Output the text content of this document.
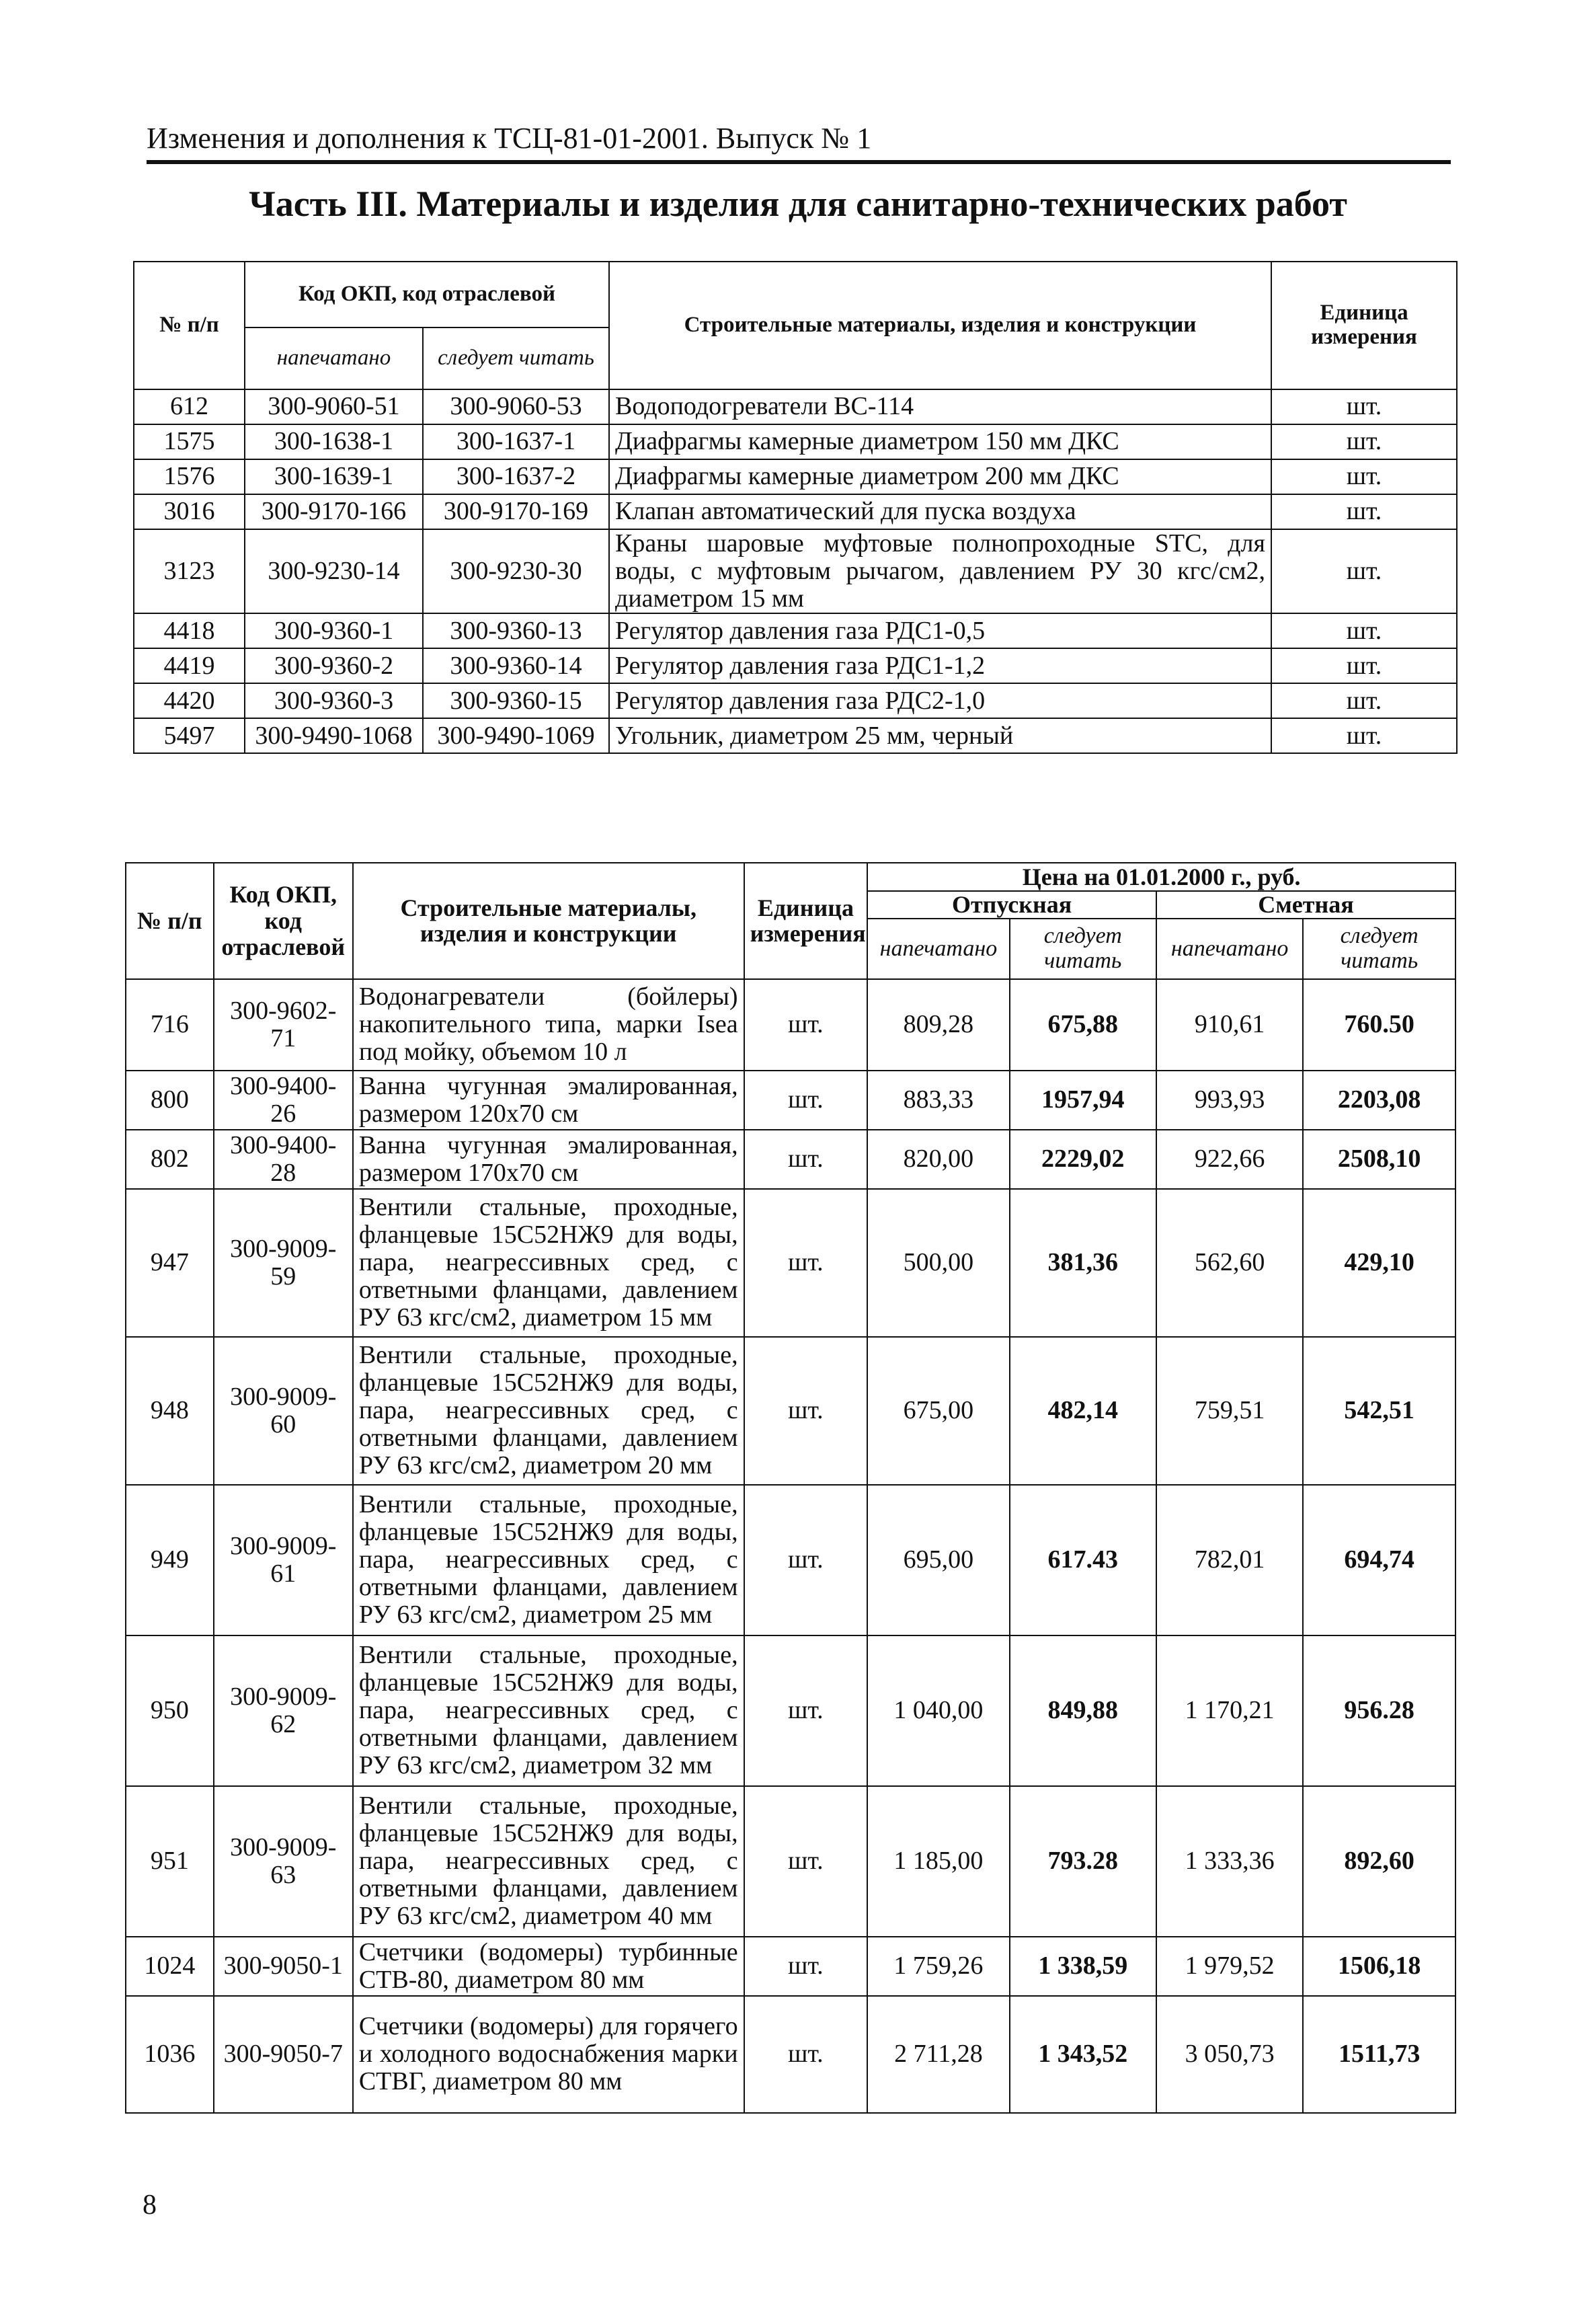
Изменения и дополнения к ТСЦ-81-01-2001. Выпуск № 1
Часть III. Материалы и изделия для санитарно-технических работ
№ п/п	Код ОКП, код отраслевой		Строительные материалы, изделия и конструкции	Единица измерения
	напечатано	следует читать		
612	300-9060-51	300-9060-53	Водоподогреватели ВС-114	шт.
1575	300-1638-1	300-1637-1	Диафрагмы камерные диаметром 150 мм ДКС	шт.
1576	300-1639-1	300-1637-2	Диафрагмы камерные диаметром 200 мм ДКС	шт.
3016	300-9170-166	300-9170-169	Клапан автоматический для пуска воздуха	шт.
3123	300-9230-14	300-9230-30	Краны шаровые муфтовые полнопроходные STC, для воды, с муфтовым рычагом, давлением РУ 30 кгс/см2, диаметром 15 мм	шт.
4418	300-9360-1	300-9360-13	Регулятор давления газа РДС1-0,5	шт.
4419	300-9360-2	300-9360-14	Регулятор давления газа РДС1-1,2	шт.
4420	300-9360-3	300-9360-15	Регулятор давления газа РДС2-1,0	шт.
5497	300-9490-1068	300-9490-1069	Угольник, диаметром 25 мм, черный	шт.
№ п/п	Код ОКП, код отраслевой	Строительные материалы, изделия и конструкции	Единица измерения	Цена на 01.01.2000 г., руб.			
				Отпускная		Сметная	
				напечатано	следует читать	напечатано	следует читать
716	300-9602-71	Водонагреватели (бойлеры) накопительного типа, марки Isea под мойку, объемом 10 л	шт.	809,28	675,88	910,61	760.50
800	300-9400-26	Ванна чугунная эмалированная, размером 120х70 см	шт.	883,33	1957,94	993,93	2203,08
802	300-9400-28	Ванна чугунная эмалированная, размером 170х70 см	шт.	820,00	2229,02	922,66	2508,10
947	300-9009-59	Вентили стальные, проходные, фланцевые 15С52НЖ9 для воды, пара, неагрессивных сред, с ответными фланцами, давлением РУ 63 кгс/см2, диаметром 15 мм	шт.	500,00	381,36	562,60	429,10
948	300-9009-60	Вентили стальные, проходные, фланцевые 15С52НЖ9 для воды, пара, неагрессивных сред, с ответными фланцами, давлением РУ 63 кгс/см2, диаметром 20 мм	шт.	675,00	482,14	759,51	542,51
949	300-9009-61	Вентили стальные, проходные, фланцевые 15С52НЖ9 для воды, пара, неагрессивных сред, с ответными фланцами, давлением РУ 63 кгс/см2, диаметром 25 мм	шт.	695,00	617.43	782,01	694,74
950	300-9009-62	Вентили стальные, проходные, фланцевые 15С52НЖ9 для воды, пара, неагрессивных сред, с ответными фланцами, давлением РУ 63 кгс/см2, диаметром 32 мм	шт.	1 040,00	849,88	1 170,21	956.28
951	300-9009-63	Вентили стальные, проходные, фланцевые 15С52НЖ9 для воды, пара, неагрессивных сред, с ответными фланцами, давлением РУ 63 кгс/см2, диаметром 40 мм	шт.	1 185,00	793.28	1 333,36	892,60
1024	300-9050-1	Счетчики (водомеры) турбинные СТВ-80, диаметром 80 мм	шт.	1 759,26	1 338,59	1 979,52	1506,18
1036	300-9050-7	Счетчики (водомеры) для горячего и холодного водоснабжения марки СТВГ, диаметром 80 мм	шт.	2 711,28	1 343,52	3 050,73	1511,73
8
